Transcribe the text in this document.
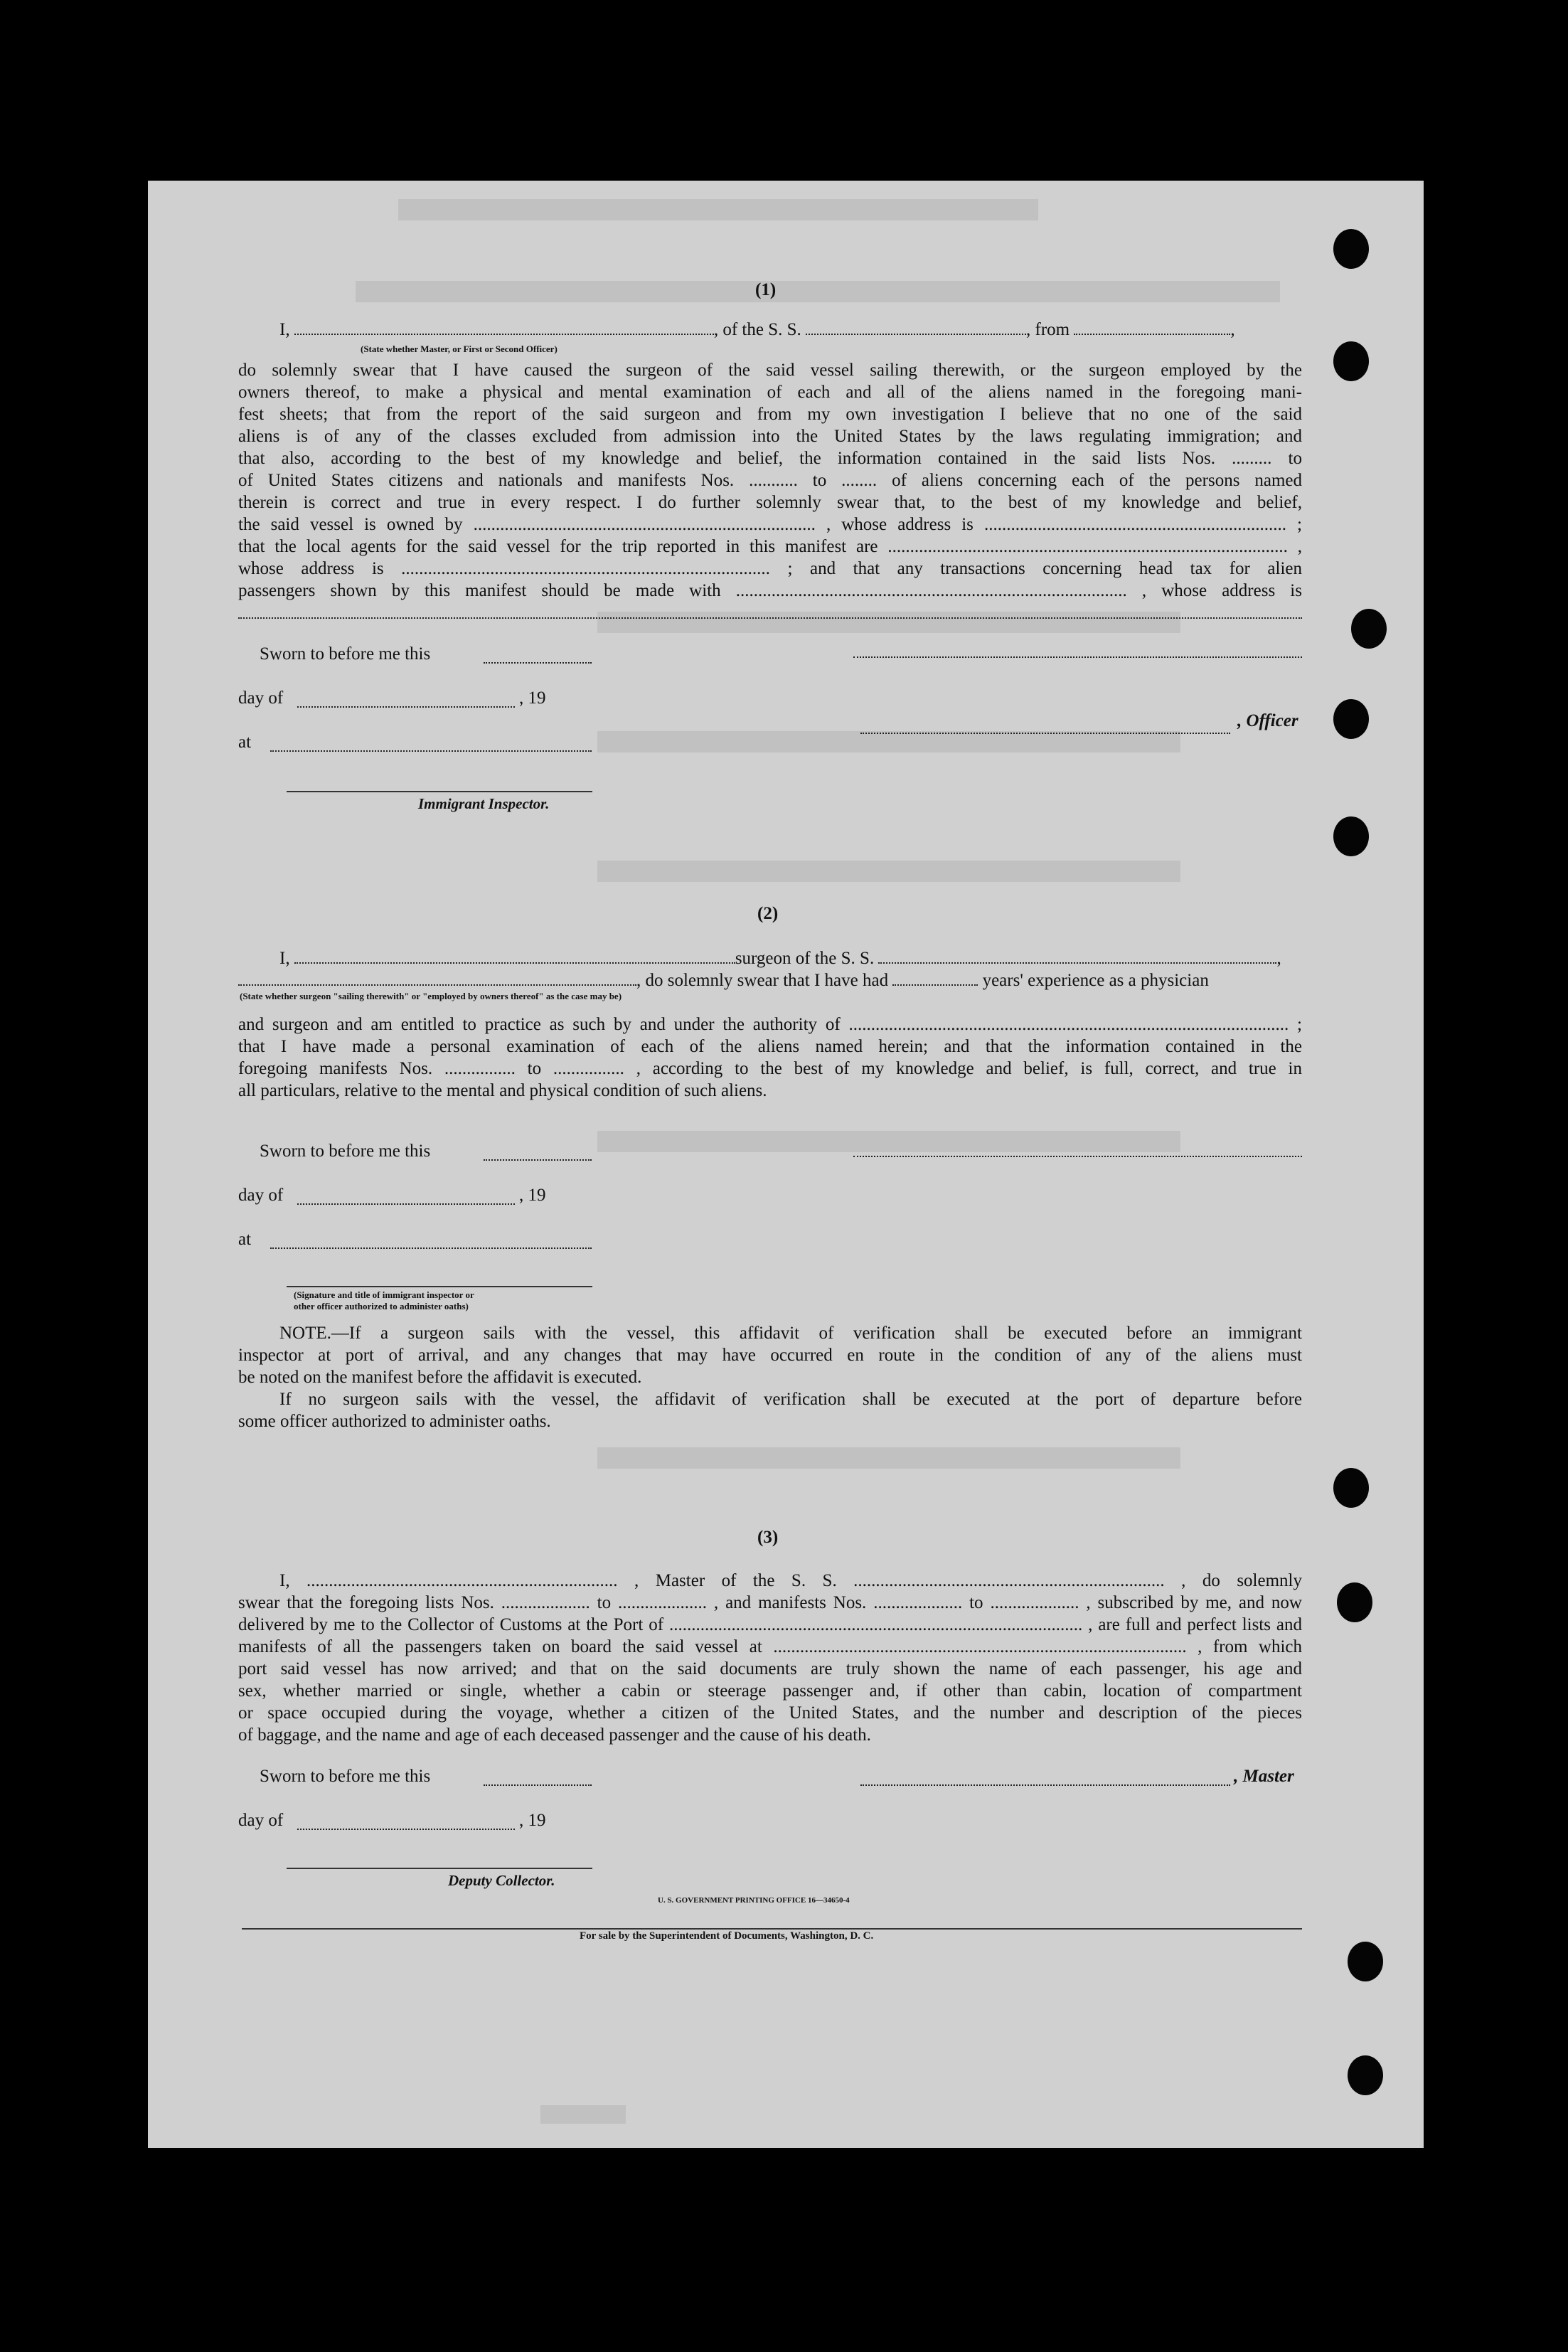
(1)
I,	, of the S. S.	, from	,
(State whether Master, or First or Second Officer)
do solemnly swear that I have caused the surgeon of the said vessel sailing therewith, or the surgeon employed by the
owners thereof, to make a physical and mental examination of each and all of the aliens named in the foregoing mani-
fest sheets; that from the report of the said surgeon and from my own investigation I believe that no one of the said
aliens is of any of the classes excluded from admission into the United States by the laws regulating immigration; and
that also, according to the best of my knowledge and belief, the information contained in the said lists Nos. ......... to
of United States citizens and nationals and manifests Nos. ........... to ........ of aliens concerning each of the persons named
therein is correct and true in every respect. I do further solemnly swear that, to the best of my knowledge and belief,
the said vessel is owned by ............................................................................. , whose address is .................................................................... ;
that the local agents for the said vessel for the trip reported in this manifest are .......................................................................................... ,
whose address is ................................................................................... ; and that any transactions concerning head tax for alien
passengers shown by this manifest should be made with ........................................................................................ , whose address is
Sworn to before me this
day of	, 19
, Officer
at
Immigrant Inspector.
(2)
I,	surgeon of the S. S.	,
, do solemnly swear that I have had	years' experience as a physician
(State whether surgeon "sailing therewith" or "employed by owners thereof" as the case may be)
and surgeon and am entitled to practice as such by and under the authority of ................................................................................................... ;
that I have made a personal examination of each of the aliens named herein; and that the information contained in the
foregoing manifests Nos. ................ to ................ , according to the best of my knowledge and belief, is full, correct, and true in
all particulars, relative to the mental and physical condition of such aliens.
Sworn to before me this
day of	, 19
at
(Signature and title of immigrant inspector or
other officer authorized to administer oaths)
NOTE.—If a surgeon sails with the vessel, this affidavit of verification shall be executed before an immigrant
inspector at port of arrival, and any changes that may have occurred en route in the condition of any of the aliens must
be noted on the manifest before the affidavit is executed.
If no surgeon sails with the vessel, the affidavit of verification shall be executed at the port of departure before
some officer authorized to administer oaths.
(3)
I, ...................................................................... , Master of the S. S. ...................................................................... , do solemnly
swear that the foregoing lists Nos. .................... to .................... , and manifests Nos. .................... to .................... , subscribed by me, and now
delivered by me to the Collector of Customs at the Port of ............................................................................................. , are full and perfect lists and
manifests of all the passengers taken on board the said vessel at ............................................................................................. , from which
port said vessel has now arrived; and that on the said documents are truly shown the name of each passenger, his age and
sex, whether married or single, whether a cabin or steerage passenger and, if other than cabin, location of compartment
or space occupied during the voyage, whether a citizen of the United States, and the number and description of the pieces
of baggage, and the name and age of each deceased passenger and the cause of his death.
Sworn to before me this	, Master
day of	, 19
Deputy Collector.
U. S. GOVERNMENT PRINTING OFFICE 16—34650-4
For sale by the Superintendent of Documents, Washington, D. C.
